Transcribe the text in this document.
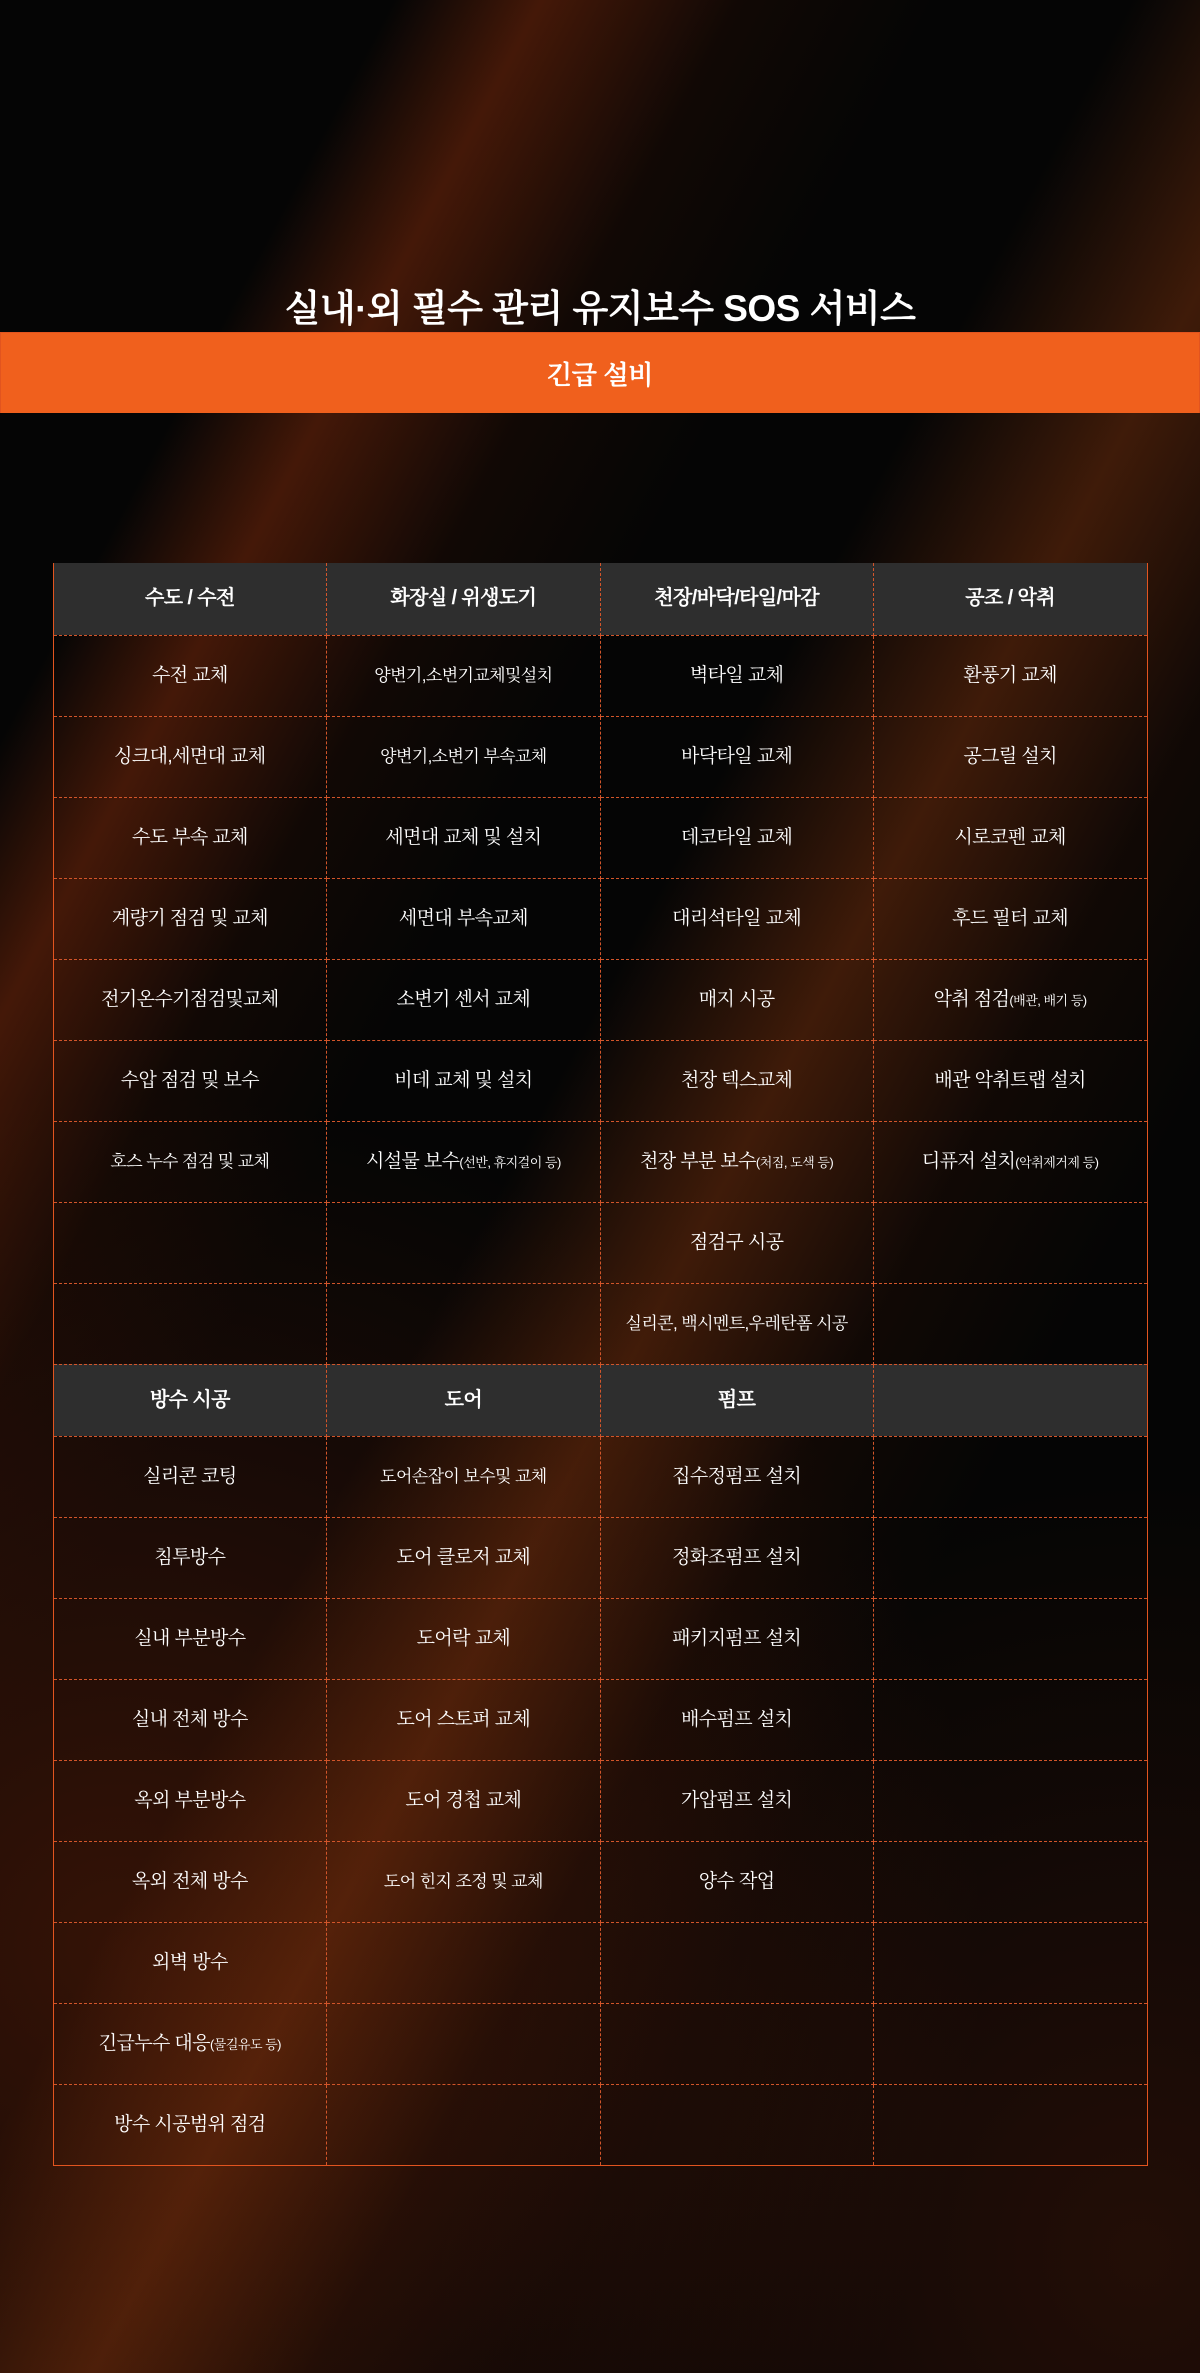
실내·외 필수 관리 유지보수 SOS 서비스
긴급 설비
수도 / 수전	화장실 / 위생도기	천장/바닥/타일/마감	공조 / 악취
수전 교체	양변기,소변기교체및설치	벽타일 교체	환풍기 교체
싱크대,세면대 교체	양변기,소변기 부속교체	바닥타일 교체	공그릴 설치
수도 부속 교체	세면대 교체 및 설치	데코타일 교체	시로코펜 교체
계량기 점검 및 교체	세면대 부속교체	대리석타일 교체	후드 필터 교체
전기온수기점검및교체	소변기 센서 교체	매지 시공	악취 점검(배관, 배기 등)
수압 점검 및 보수	비데 교체 및 설치	천장 텍스교체	배관 악취트랩 설치
호스 누수 점검 및 교체	시설물 보수(선반, 휴지걸이 등)	천장 부분 보수(처짐, 도색 등)	디퓨저 설치(악취제거제 등)
		점검구 시공	
		실리콘, 백시멘트,우레탄폼 시공	
방수 시공	도어	펌프	
실리콘 코팅	도어손잡이 보수및 교체	집수정펌프 설치	
침투방수	도어 클로저 교체	정화조펌프 설치	
실내 부분방수	도어락 교체	패키지펌프 설치	
실내 전체 방수	도어 스토퍼 교체	배수펌프 설치	
옥외 부분방수	도어 경첩 교체	가압펌프 설치	
옥외 전체 방수	도어 힌지 조정 및 교체	양수 작업	
외벽 방수			
긴급누수 대응(물길유도 등)			
방수 시공범위 점검			
